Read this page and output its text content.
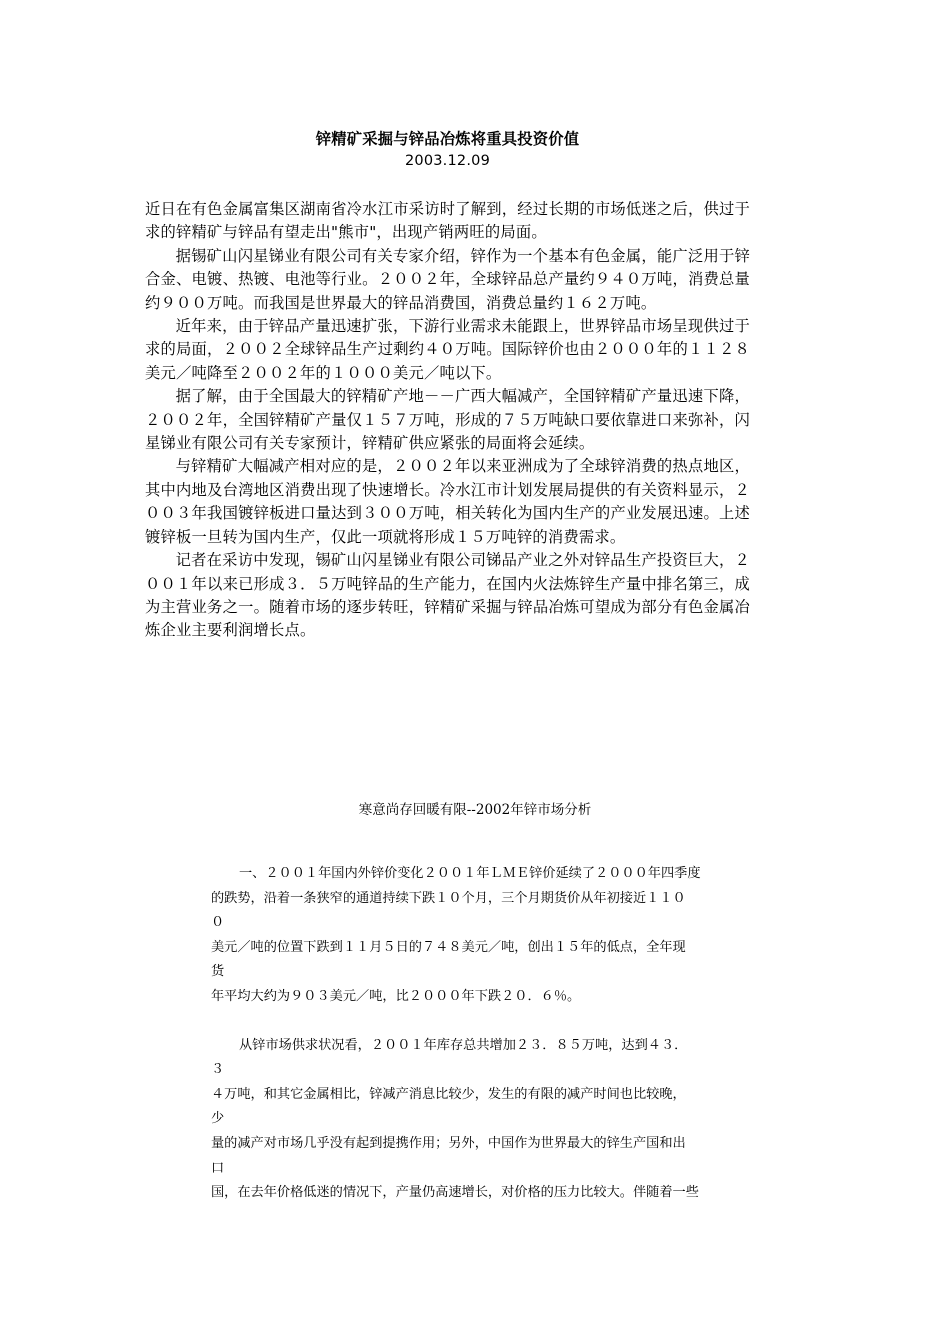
锌精矿采掘与锌品冶炼将重具投资价值

2003.12.09

近日在有色金属富集区湖南省冷水江市采访时了解到，经过长期的市场低迷之后，供过于求的锌精矿与锌品有望走出"熊市"，出现产销两旺的局面。

据锡矿山闪星锑业有限公司有关专家介绍，锌作为一个基本有色金属，能广泛用于锌合金、电镀、热镀、电池等行业。２００２年，全球锌品总产量约９４０万吨，消费总量约９００万吨。而我国是世界最大的锌品消费国，消费总量约１６２万吨。

近年来，由于锌品产量迅速扩张，下游行业需求未能跟上，世界锌品市场呈现供过于求的局面，２００２全球锌品生产过剩约４０万吨。国际锌价也由２０００年的１１２８美元／吨降至２００２年的１０００美元／吨以下。

据了解，由于全国最大的锌精矿产地－－广西大幅减产，全国锌精矿产量迅速下降，２００２年，全国锌精矿产量仅１５７万吨，形成的７５万吨缺口要依靠进口来弥补，闪星锑业有限公司有关专家预计，锌精矿供应紧张的局面将会延续。

与锌精矿大幅减产相对应的是，２００２年以来亚洲成为了全球锌消费的热点地区，其中内地及台湾地区消费出现了快速增长。冷水江市计划发展局提供的有关资料显示，２００３年我国镀锌板进口量达到３００万吨，相关转化为国内生产的产业发展迅速。上述镀锌板一旦转为国内生产，仅此一项就将形成１５万吨锌的消费需求。

记者在采访中发现，锡矿山闪星锑业有限公司锑品产业之外对锌品生产投资巨大，２００１年以来已形成３．５万吨锌品的生产能力，在国内火法炼锌生产量中排名第三，成为主营业务之一。随着市场的逐步转旺，锌精矿采掘与锌品冶炼可望成为部分有色金属冶炼企业主要利润增长点。

寒意尚存回暖有限--2002年锌市场分析

一、２００１年国内外锌价变化２００１年ＬＭＥ锌价延续了２０００年四季度
的跌势，沿着一条狭窄的通道持续下跌１０个月，三个月期货价从年初接近１１０
０
美元／吨的位置下跌到１１月５日的７４８美元／吨，创出１５年的低点，全年现
货
年平均大约为９０３美元／吨，比２０００年下跌２０．６％。
从锌市场供求状况看，２００１年库存总共增加２３．８５万吨，达到４３．
３
４万吨，和其它金属相比，锌减产消息比较少，发生的有限的减产时间也比较晚，
少
量的减产对市场几乎没有起到提携作用；另外，中国作为世界最大的锌生产国和出
口
国，在去年价格低迷的情况下，产量仍高速增长，对价格的压力比较大。伴随着一些
